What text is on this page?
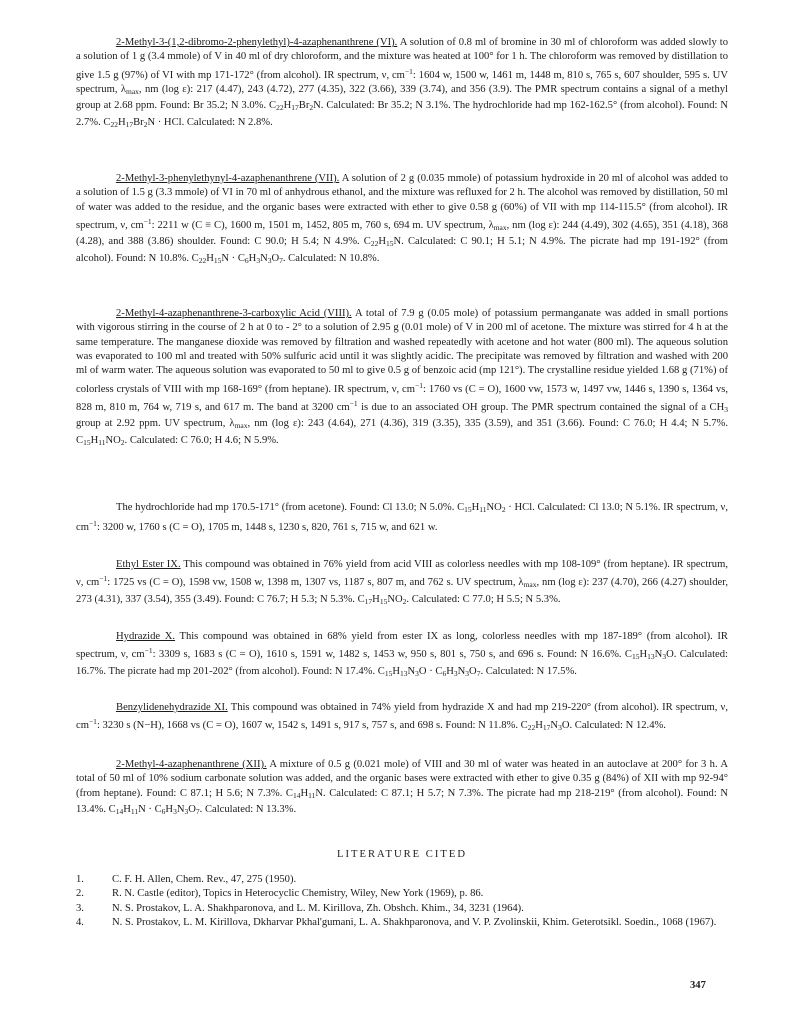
2-Methyl-3-(1,2-dibromo-2-phenylethyl)-4-azaphenanthrene (VI). A solution of 0.8 ml of bromine in 30 ml of chloroform was added slowly to a solution of 1 g (3.4 mmole) of V in 40 ml of dry chloroform, and the mixture was heated at 100° for 1 h. The chloroform was removed by distillation to give 1.5 g (97%) of VI with mp 171-172° (from alcohol). IR spectrum, ν, $cm^{-1}$: 1604 w, 1500 w, 1461 m, 1448 m, 810 s, 765 s, 607 shoulder, 595 s. UV spectrum, $\lambda_{max}$, nm (log ε): 217 (4.47), 243 (4.72), 277 (4.35), 322 (3.66), 339 (3.74), and 356 (3.9). The PMR spectrum contains a signal of a methyl group at 2.68 ppm. Found: Br 35.2; N 3.0%. $C_{22}H_{17}Br_2N$. Calculated: Br 35.2; N 3.1%. The hydrochloride had mp 162-162.5° (from alcohol). Found: N 2.7%. $C_{22}H_{17}Br_2N$ · HCl. Calculated: N 2.8%.

2-Methyl-3-phenylethynyl-4-azaphenanthrene (VII). A solution of 2 g (0.035 mmole) of potassium hydroxide in 20 ml of alcohol was added to a solution of 1.5 g (3.3 mmole) of VI in 70 ml of anhydrous ethanol, and the mixture was refluxed for 2 h. The alcohol was removed by distillation, 50 ml of water was added to the residue, and the organic bases were extracted with ether to give 0.58 g (60%) of VII with mp 114-115.5° (from alcohol). IR spectrum, ν, $cm^{-1}$: 2211 w (C ≡ C), 1600 m, 1501 m, 1452, 805 m, 760 s, 694 m. UV spectrum, $\lambda_{max}$, nm (log ε): 244 (4.49), 302 (4.65), 351 (4.18), 368 (4.28), and 388 (3.86) shoulder. Found: C 90.0; H 5.4; N 4.9%. $C_{22}H_{15}N$. Calculated: C 90.1; H 5.1; N 4.9%. The picrate had mp 191-192° (from alcohol). Found: N 10.8%. $C_{22}H_{15}N \cdot C_6H_3N_3O_7$. Calculated: N 10.8%.

2-Methyl-4-azaphenanthrene-3-carboxylic Acid (VIII). A total of 7.9 g (0.05 mole) of potassium permanganate was added in small portions with vigorous stirring in the course of 2 h at 0 to - 2° to a solution of 2.95 g (0.01 mole) of V in 200 ml of acetone. The mixture was stirred for 4 h at the same temperature. The manganese dioxide was removed by filtration and washed repeatedly with acetone and hot water (800 ml). The aqueous solution was evaporated to 100 ml and treated with 50% sulfuric acid until it was slightly acidic. The precipitate was removed by filtration and washed with 200 ml of warm water. The aqueous solution was evaporated to 50 ml to give 0.5 g of benzoic acid (mp 121°). The crystalline residue yielded 1.68 g (71%) of colorless crystals of VIII with mp 168-169° (from heptane). IR spectrum, ν, $cm^{-1}$: 1760 vs (C = O), 1600 vw, 1573 w, 1497 vw, 1446 s, 1390 s, 1364 vs, 828 m, 810 m, 764 w, 719 s, and 617 m. The band at 3200 $cm^{-1}$ is due to an associated OH group. The PMR spectrum contained the signal of a $CH_3$ group at 2.92 ppm. UV spectrum, $\lambda_{max}$, nm (log ε): 243 (4.64), 271 (4.36), 319 (3.35), 335 (3.59), and 351 (3.66). Found: C 76.0; H 4.4; N 5.7%. $C_{15}H_{11}NO_2$. Calculated: C 76.0; H 4.6; N 5.9%.

The hydrochloride had mp 170.5-171° (from acetone). Found: Cl 13.0; N 5.0%. $C_{15}H_{11}NO_2$ · HCl. Calculated: Cl 13.0; N 5.1%. IR spectrum, ν, $cm^{-1}$: 3200 w, 1760 s (C = O), 1705 m, 1448 s, 1230 s, 820, 761 s, 715 w, and 621 w.

Ethyl Ester IX. This compound was obtained in 76% yield from acid VIII as colorless needles with mp 108-109° (from heptane). IR spectrum, ν, $cm^{-1}$: 1725 vs (C = O), 1598 vw, 1508 w, 1398 m, 1307 vs, 1187 s, 807 m, and 762 s. UV spectrum, $\lambda_{max}$, nm (log ε): 237 (4.70), 266 (4.27) shoulder, 273 (4.31), 337 (3.54), 355 (3.49). Found: C 76.7; H 5.3; N 5.3%. $C_{17}H_{15}NO_2$. Calculated: C 77.0; H 5.5; N 5.3%.

Hydrazide X. This compound was obtained in 68% yield from ester IX as long, colorless needles with mp 187-189° (from alcohol). IR spectrum, ν, $cm^{-1}$: 3309 s, 1683 s (C = O), 1610 s, 1591 w, 1482 s, 1453 w, 950 s, 801 s, 750 s, and 696 s. Found: N 16.6%. $C_{15}H_{13}N_3O$. Calculated: 16.7%. The picrate had mp 201-202° (from alcohol). Found: N 17.4%. $C_{15}H_{13}N_3O \cdot C_6H_3N_3O_7$. Calculated: N 17.5%.

Benzylidenehydrazide XI. This compound was obtained in 74% yield from hydrazide X and had mp 219-220° (from alcohol). IR spectrum, ν, $cm^{-1}$: 3230 s (N−H), 1668 vs (C = O), 1607 w, 1542 s, 1491 s, 917 s, 757 s, and 698 s. Found: N 11.8%. $C_{22}H_{17}N_3O$. Calculated: N 12.4%.

2-Methyl-4-azaphenanthrene (XII). A mixture of 0.5 g (0.021 mole) of VIII and 30 ml of water was heated in an autoclave at 200° for 3 h. A total of 50 ml of 10% sodium carbonate solution was added, and the organic bases were extracted with ether to give 0.35 g (84%) of XII with mp 92-94° (from heptane). Found: C 87.1; H 5.6; N 7.3%. $C_{14}H_{11}N$. Calculated: C 87.1; H 5.7; N 7.3%. The picrate had mp 218-219° (from alcohol). Found: N 13.4%. $C_{14}H_{11}N \cdot C_6H_3N_3O_7$. Calculated: N 13.3%.

LITERATURE CITED
1.	C. F. H. Allen, Chem. Rev., 47, 275 (1950).
2.	R. N. Castle (editor), Topics in Heterocyclic Chemistry, Wiley, New York (1969), p. 86.
3.	N. S. Prostakov, L. A. Shakhparonova, and L. M. Kirillova, Zh. Obshch. Khim., 34, 3231 (1964).
4.	N. S. Prostakov, L. M. Kirillova, Dkharvar Pkhal'gumani, L. A. Shakhparonova, and V. P. Zvolinskii, Khim. Geterotsikl. Soedin., 1068 (1967).
347
